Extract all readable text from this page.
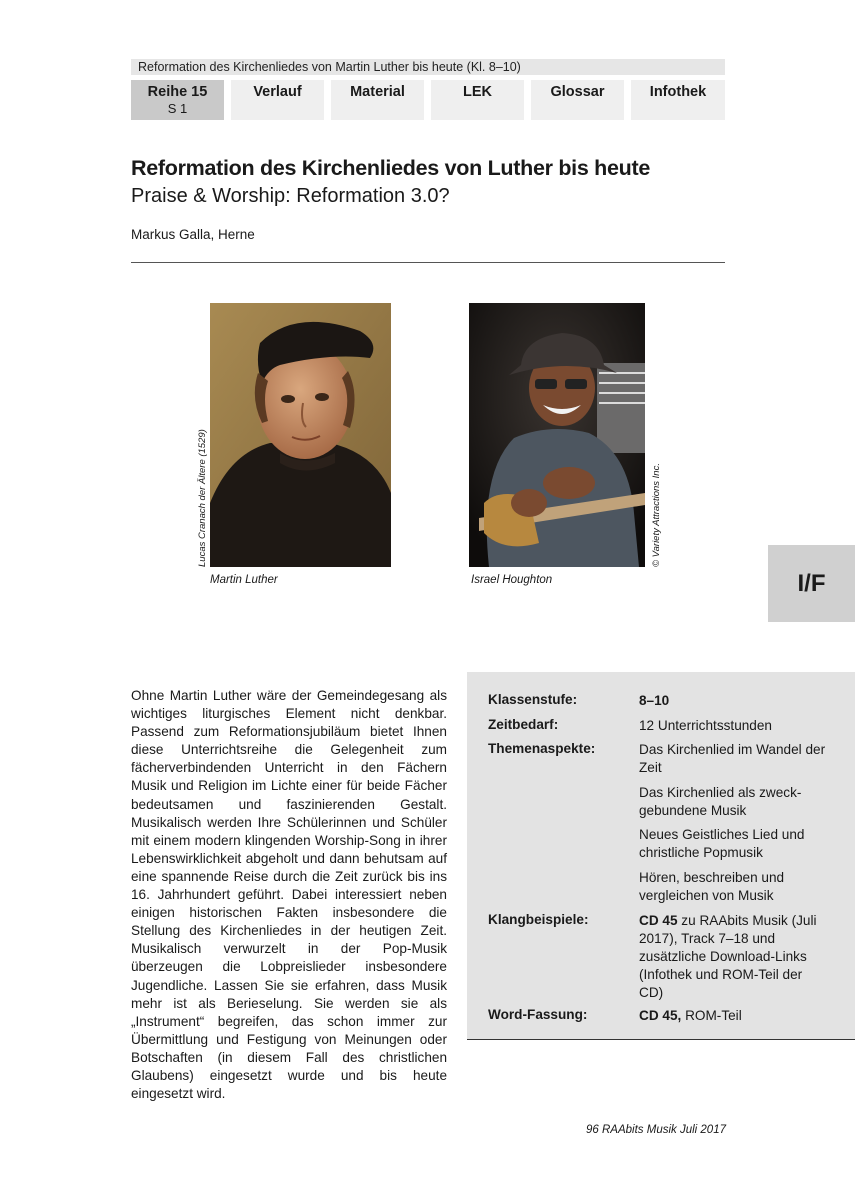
Reformation des Kirchenliedes von Martin Luther bis heute (Kl. 8–10)
Reihe 15
S 1
Verlauf	Material	LEK	Glossar	Infothek
Reformation des Kirchenliedes von Luther bis heute
Praise & Worship: Reformation 3.0?
Markus Galla, Herne
Lucas Cranach der Ältere (1529)
Martin Luther
© Variety Attractions Inc.
Israel Houghton	I/F
Ohne Martin Luther wäre der Gemeindegesang als wichtiges liturgisches Element nicht denkbar. Passend zum Reformationsjubiläum bietet Ihnen diese Unterrichtsreihe die Gelegenheit zum fächerverbindenden Unterricht in den Fächern Musik und Religion im Lichte einer für beide Fächer bedeutsamen und faszinierenden Gestalt. Musikalisch werden Ihre Schülerinnen und Schüler mit einem modern klingenden Worship-Song in ihrer Lebenswirklichkeit abgeholt und dann behutsam auf eine spannende Reise durch die Zeit zurück bis ins 16. Jahrhundert geführt. Dabei interessiert neben einigen historischen Fakten insbesondere die Stellung des Kirchenliedes in der heutigen Zeit. Musikalisch verwurzelt in der Pop-Musik überzeugen die Lobpreislieder insbesondere Jugendliche. Lassen Sie sie erfahren, dass Musik mehr ist als Berieselung. Sie werden sie als „Instrument“ begreifen, das schon immer zur Übermittlung und Festigung von Meinungen oder Botschaften (in diesem Fall des christlichen Glaubens) eingesetzt wurde und bis heute eingesetzt wird.
Klassenstufe:	8–10
Zeitbedarf:	12 Unterrichtsstunden
Themenaspekte:	Das Kirchenlied im Wandel der Zeit
Das Kirchenlied als zweckgebundene Musik
Neues Geistliches Lied und christliche Popmusik
Hören, beschreiben und vergleichen von Musik
Klangbeispiele:	CD 45 zu RAAbits Musik (Juli 2017), Track 7–18 und zusätzliche Download-Links (Infothek und ROM-Teil der CD)
Word-Fassung:	CD 45, ROM-Teil
96 RAAbits Musik Juli 2017
